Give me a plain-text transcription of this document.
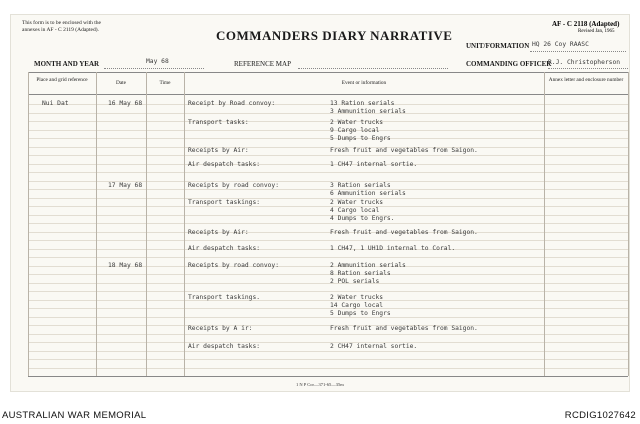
This form is to be enclosed with the
annexes in AF - C 2119 (Adapted).	COMMANDERS DIARY NARRATIVE
AF - C 2118 (Adapted)
Revised Jan, 1965
UNIT/FORMATION HQ 26 Coy RAASC
MONTH AND YEAR	May 68	REFERENCE MAP	COMMANDING OFFICER
R.J. Christopherson
Place and grid reference	Date	Time	Event or information	Annex letter and enclosure number
Nui Dat	16 May 68	Receipt by Road convoy:	13 Ration serials
3 Ammunition serials
Transport tasks:	2 Water trucks
9 Cargo local
5 Dumps to Engrs
Receipts by Air:	Fresh fruit and vegetables from Saigon.
Air despatch tasks:	1 CH47 internal sortie.
17 May 68	Receipts by road convoy:	3 Ration serials
6 Ammunition serials
Transport taskings:	2 Water trucks
4 Cargo local
4 Dumps to Engrs.
Receipts by Air:	Fresh fruit and vegetables from Saigon.
Air despatch tasks:	1 CH47, 1 UH1D internal to Coral.
18 May 68	Receipts by road convoy:	2 Ammunition serials
8 Ration serials
2 POL serials
Transport taskings.	2 Water trucks
14 Cargo local
5 Dumps to Engrs
Receipts by A ir:	Fresh fruit and vegetables from Saigon.
Air despatch tasks:	2 CH47 internal sortie.
1 N P Cor—371-65—35m
AUSTRALIAN WAR MEMORIAL	RCDIG1027642
